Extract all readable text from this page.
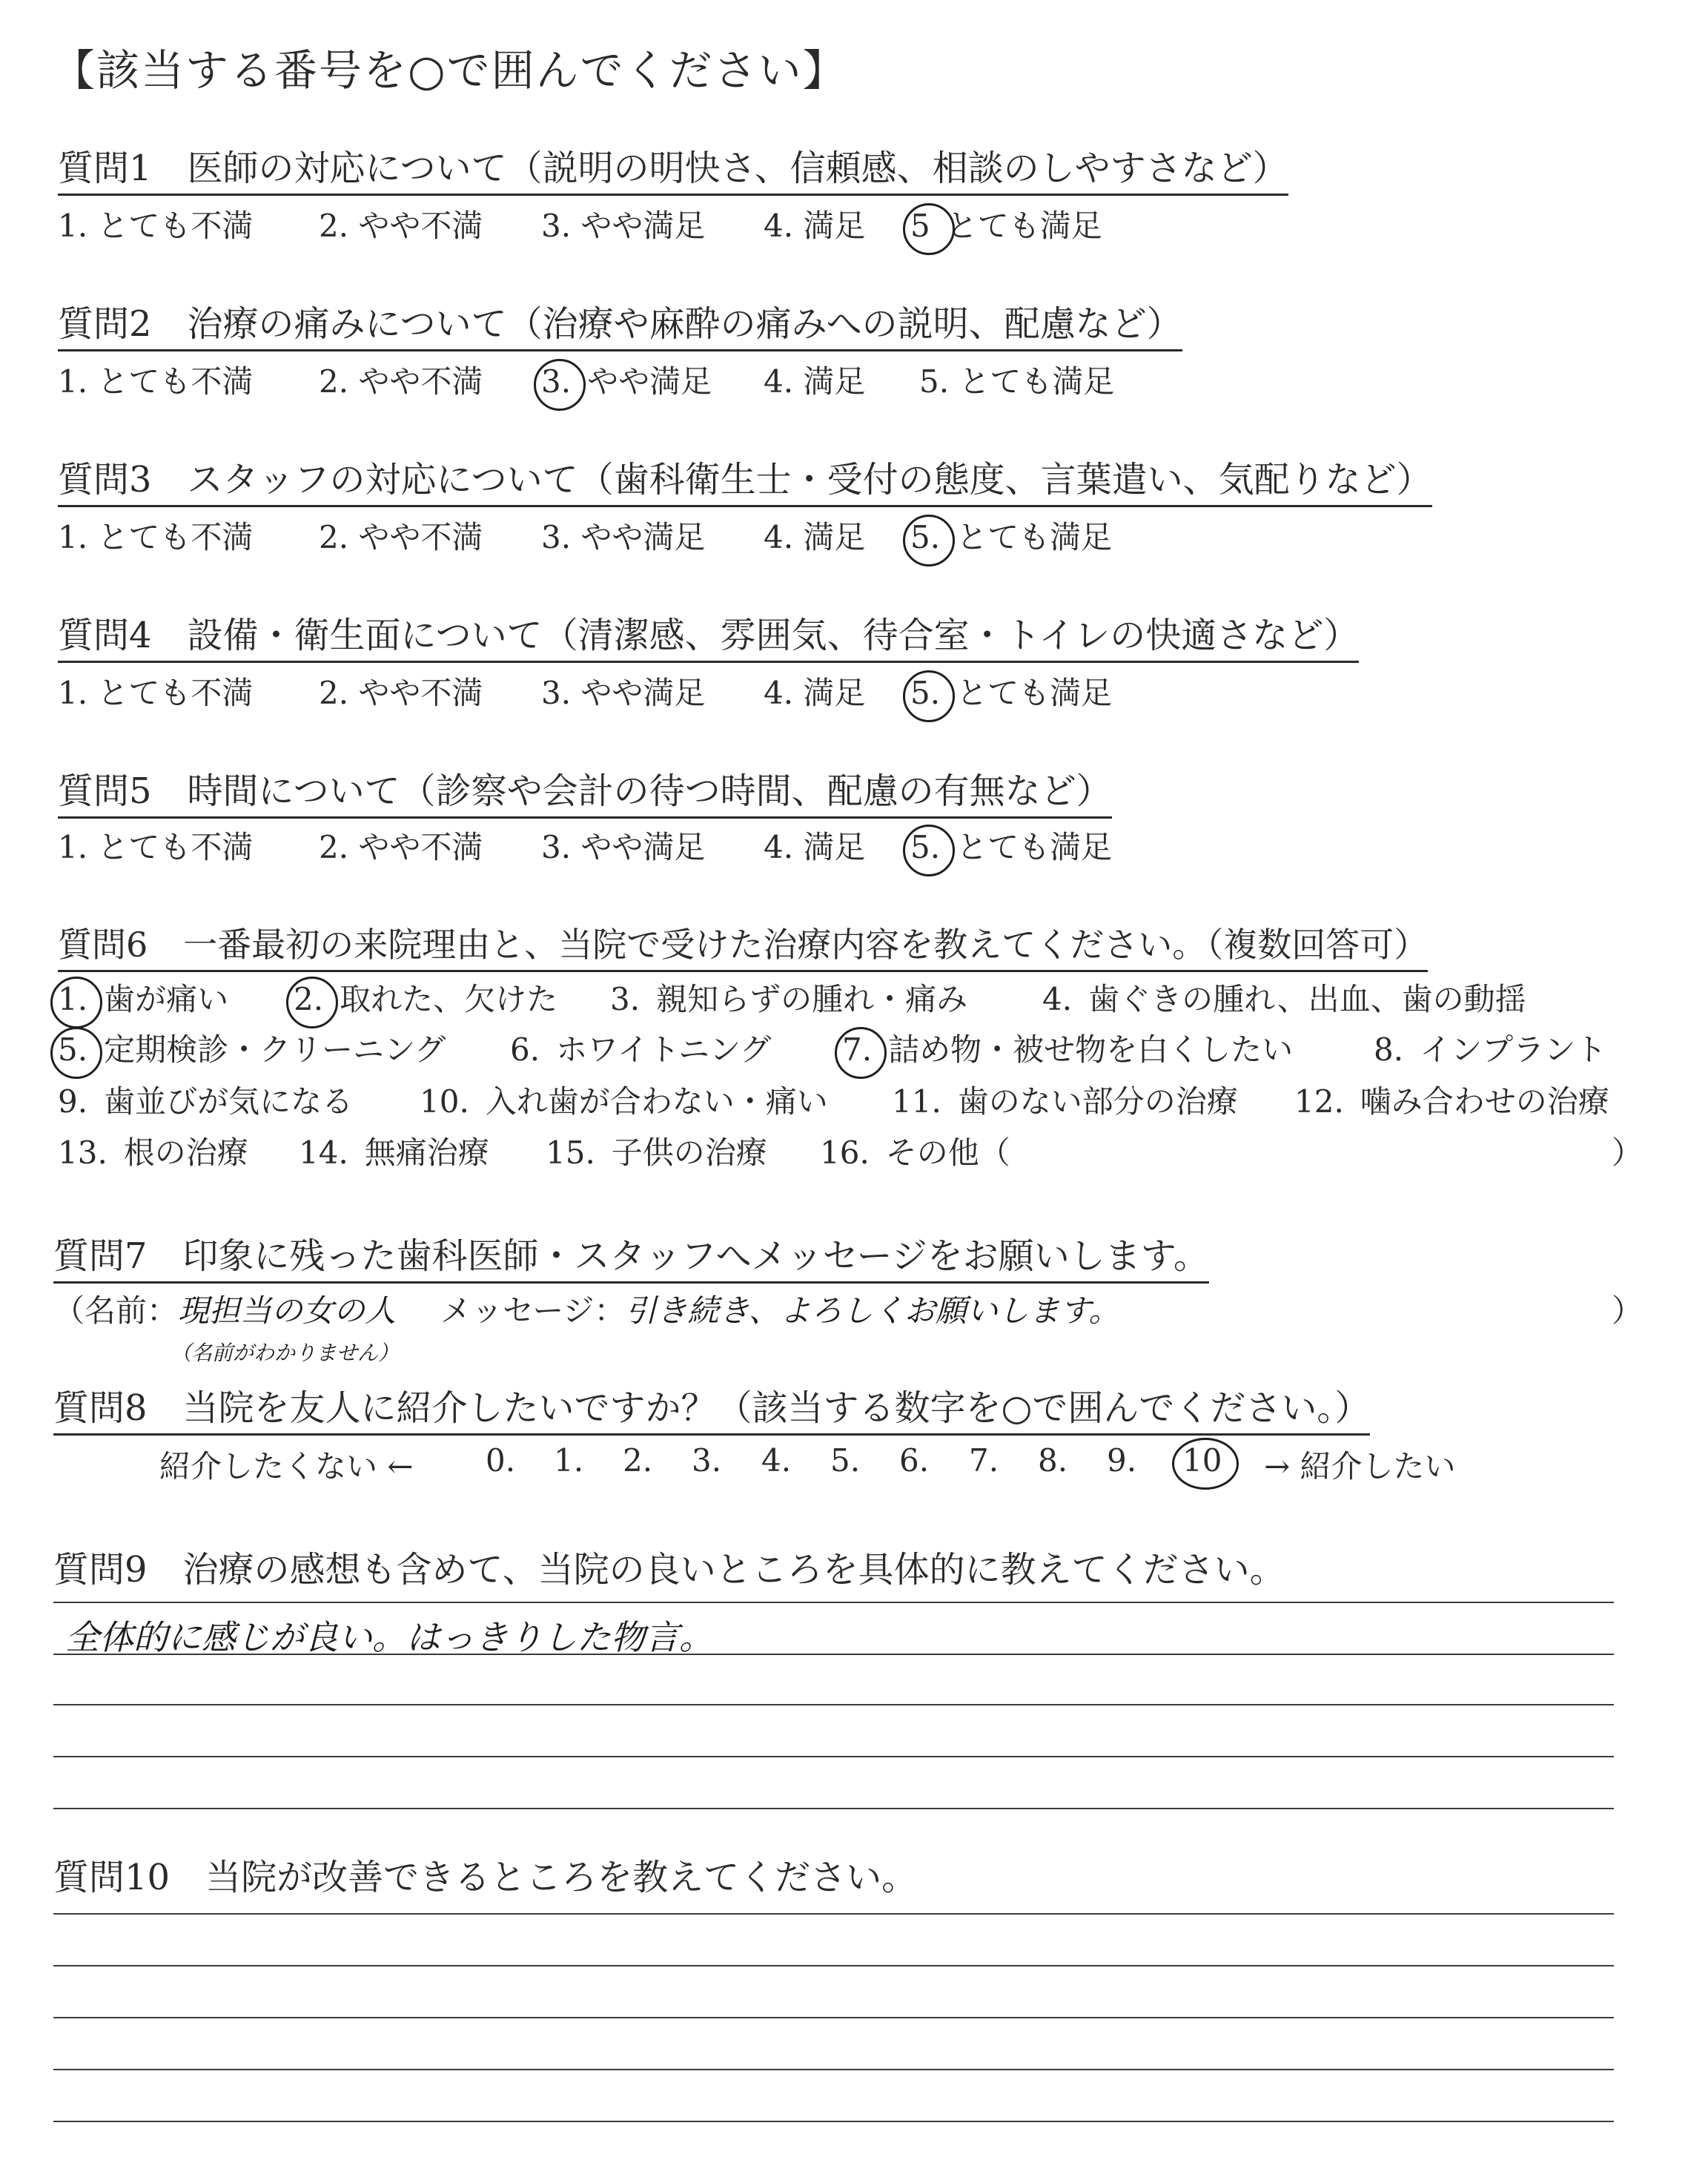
【該当する番号を○で囲んでください】
質問1 医師の対応について（説明の明快さ、信頼感、相談のしやすさなど）
1. とても不満 2. やや不満 3. やや満足 4. 満足 5 とても満足
質問2 治療の痛みについて（治療や麻酔の痛みへの説明、配慮など）
1. とても不満 2. やや不満 3. やや満足 4. 満足 5. とても満足
質問3 スタッフの対応について（歯科衛生士・受付の態度、言葉遣い、気配りなど）
1. とても不満 2. やや不満 3. やや満足 4. 満足 5. とても満足
質問4 設備・衛生面について（清潔感、雰囲気、待合室・トイレの快適さなど）
1. とても不満 2. やや不満 3. やや満足 4. 満足 5. とても満足
質問5 時間について（診察や会計の待つ時間、配慮の有無など）
1. とても不満 2. やや不満 3. やや満足 4. 満足 5. とても満足
質問6 一番最初の来院理由と、当院で受けた治療内容を教えてください。（複数回答可）
1. 歯が痛い 2. 取れた、欠けた 3. 親知らずの腫れ・痛み 4. 歯ぐきの腫れ、出血、歯の動揺
5. 定期検診・クリーニング 6. ホワイトニング 7. 詰め物・被せ物を白くしたい	8. インプラント
9. 歯並びが気になる 10. 入れ歯が合わない・痛い 11. 歯のない部分の治療 12. 噛み合わせの治療
13. 根の治療 14. 無痛治療 15. 子供の治療 16. その他（	）
質問7 印象に残った歯科医師・スタッフへメッセージをお願いします。
（名前：現担当の女の人 メッセージ：引き続き、よろしくお願いします。	）
（名前がわかりません）
質問8 当院を友人に紹介したいですか？（該当する数字を○で囲んでください。）
紹介したくない ← 0. 1. 2. 3. 4. 5. 6. 7. 8. 9. 10	→ 紹介したい
質問9 治療の感想も含めて、当院の良いところを具体的に教えてください。
全体的に感じが良い。はっきりした物言。
質問10 当院が改善できるところを教えてください。
